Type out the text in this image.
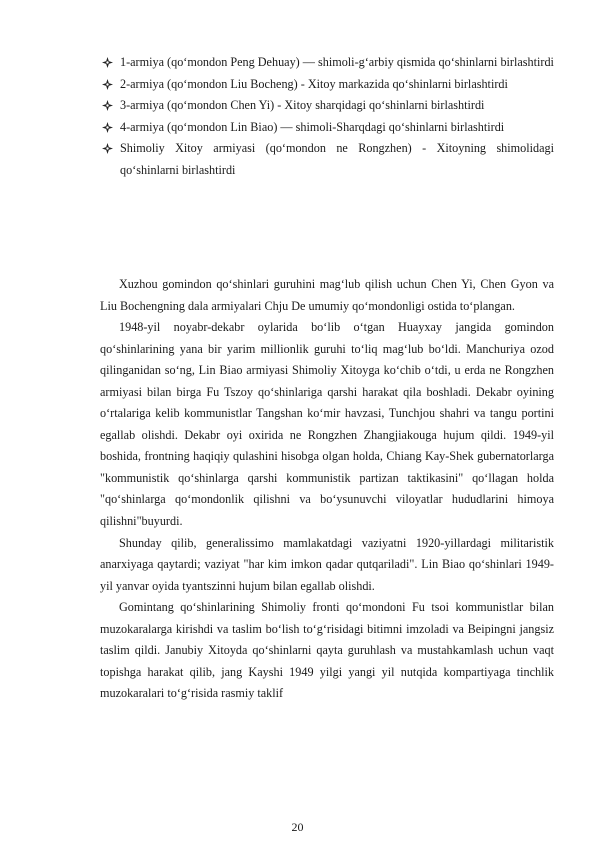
1-armiya (qo‘mondon Peng Dehuay) — shimoli-g‘arbiy qismida qo‘shinlarni birlashtirdi
2-armiya (qo‘mondon Liu Bocheng) - Xitoy markazida qo‘shinlarni birlashtirdi
3-armiya (qo‘mondon Chen Yi) - Xitoy sharqidagi qo‘shinlarni birlashtirdi
4-armiya (qo‘mondon Lin Biao) — shimoli-Sharqdagi qo‘shinlarni birlashtirdi
Shimoliy Xitoy armiyasi (qo‘mondon ne Rongzhen) - Xitoyning shimolidagi qo‘shinlarni birlashtirdi

Xuzhou gomindon qo‘shinlari guruhini mag‘lub qilish uchun Chen Yi, Chen Gyon va Liu Bochengning dala armiyalari Chju De umumiy qo‘mondonligi ostida to‘plangan.

1948-yil noyabr-dekabr oylarida bo‘lib o‘tgan Huayxay jangida gomindon qo‘shinlarining yana bir yarim millionlik guruhi to‘liq mag‘lub bo‘ldi. Manchuriya ozod qilinganidan so‘ng, Lin Biao armiyasi Shimoliy Xitoyga ko‘chib o‘tdi, u erda ne Rongzhen armiyasi bilan birga Fu Tszoy qo‘shinlariga qarshi harakat qila boshladi. Dekabr oyining o‘rtalariga kelib kommunistlar Tangshan ko‘mir havzasi, Tunchjou shahri va tangu portini egallab olishdi. Dekabr oyi oxirida ne Rongzhen Zhangjiakouga hujum qildi. 1949-yil boshida, frontning haqiqiy qulashini hisobga olgan holda, Chiang Kay-Shek gubernatorlarga "kommunistik qo‘shinlarga qarshi kommunistik partizan taktikasini" qo‘llagan holda "qo‘shinlarga qo‘mondonlik qilishni va bo‘ysunuvchi viloyatlar hududlarini himoya qilishni"buyurdi.

Shunday qilib, generalissimo mamlakatdagi vaziyatni 1920-yillardagi militaristik anarxiyaga qaytardi; vaziyat "har kim imkon qadar qutqariladi". Lin Biao qo‘shinlari 1949-yil yanvar oyida tyantszinni hujum bilan egallab olishdi.

Gomintang qo‘shinlarining Shimoliy fronti qo‘mondoni Fu tsoi kommunistlar bilan muzokaralarga kirishdi va taslim bo‘lish to‘g‘risidagi bitimni imzoladi va Beipingni jangsiz taslim qildi. Janubiy Xitoyda qo‘shinlarni qayta guruhlash va mustahkamlash uchun vaqt topishga harakat qilib, jang Kayshi 1949 yilgi yangi yil nutqida kompartiyaga tinchlik muzokaralari to‘g‘risida rasmiy taklif

20
